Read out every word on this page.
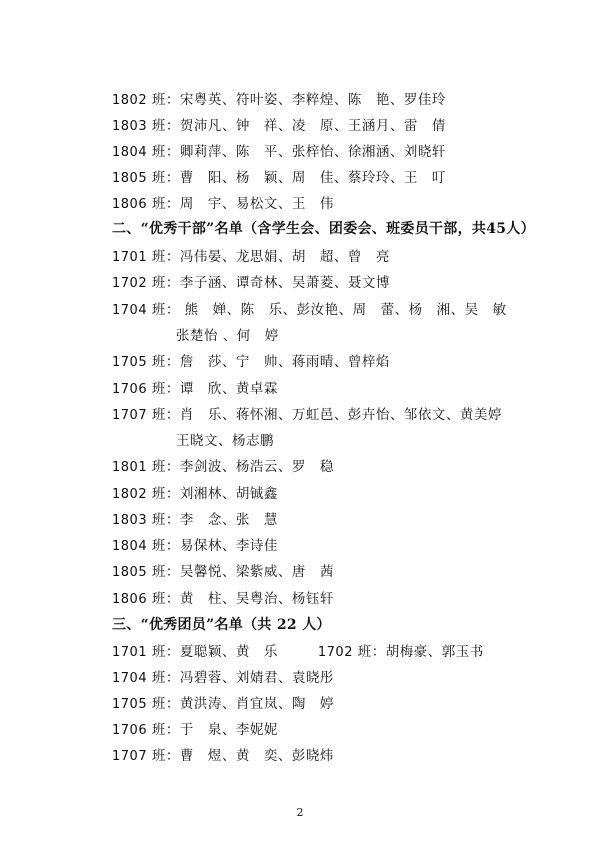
1802 班：宋粤英、符叶姿、李粹煌、陈　艳、罗佳玲
1803 班：贺沛凡、钟　祥、凌　原、王涵月、雷　倩
1804 班：卿莉萍、陈　平、张梓怡、徐湘涵、刘晓轩
1805 班：曹　阳、杨　颖、周　佳、蔡玲玲、王　叮
1806 班：周　宇、易松文、王　伟
二、“优秀干部”名单（含学生会、团委会、班委员干部，共45人）
1701 班：冯伟晏、龙思娟、胡　超、曾　亮
1702 班：李子涵、谭奇林、吴萧菱、聂文博
1704 班： 熊　婵、陈　乐、彭汝艳、周　蕾、杨　湘、吴　敏
张楚怡 、何　婷
1705 班：詹　莎、宁　帅、蒋雨晴、曾梓焰
1706 班：谭　欣、黄卓霖
1707 班：肖　乐、蒋怀湘、万虹邑、彭卉怡、邹依文、黄美婷
王晓文、杨志鹏
1801 班：李剑波、杨浩云、罗　稳
1802 班：刘湘林、胡铖鑫
1803 班：李　念、张　慧
1804 班：易保林、李诗佳
1805 班：吴馨悦、梁紫威、唐　茜
1806 班：黄　柱、吴粤治、杨钰轩
三、“优秀团员”名单（共 22 人）
1701 班：夏聪颖、黄　乐	1702 班：胡梅豪、郭玉书
1704 班：冯碧蓉、刘婧君、袁晓彤
1705 班：黄洪涛、肖宜岚、陶　婷
1706 班：于　泉、李妮妮
1707 班：曹　煜、黄　奕、彭晓炜
2
